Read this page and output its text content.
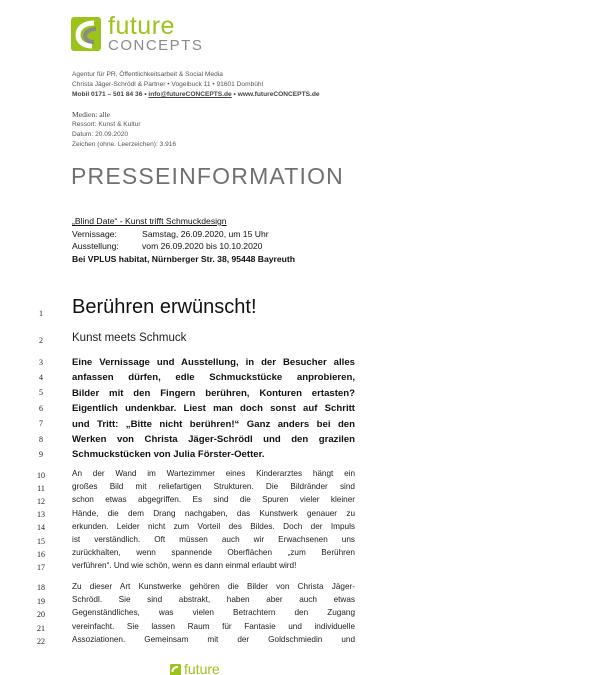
future
CONCEPTS
Agentur für PR, Öffentlichkeitsarbeit & Social Media
Christa Jäger-Schrödl & Partner • Vogelbuck 11 • 91601 Dombühl
Mobil 0171 – 501 84 36 • info@futureCONCEPTS.de • www.futureCONCEPTS.de
Medien: alle
Ressort: Kunst & Kultur
Datum: 20.09.2020
Zeichen (ohne. Leerzeichen): 3.916
PRESSEINFORMATION
„Blind Date“ - Kunst trifft Schmuckdesign
Vernissage:	Samstag, 26.09.2020, um 15 Uhr
Ausstellung:	vom 26.09.2020 bis 10.10.2020
Bei VPLUS habitat, Nürnberger Str. 38, 95448 Bayreuth
1
2
3
4
5
6
7
8
9
10
11
12
13
14
15
16
17
18
19
20
21
22
Berühren erwünscht!
Kunst meets Schmuck
Eine Vernissage und Ausstellung, in der Besucher alles
anfassen dürfen, edle Schmuckstücke anprobieren,
Bilder mit den Fingern berühren, Konturen ertasten?
Eigentlich undenkbar. Liest man doch sonst auf Schritt
und Tritt: „Bitte nicht berühren!“ Ganz anders bei den
Werken von Christa Jäger-Schrödl und den grazilen
Schmuckstücken von Julia Förster-Oetter.
An der Wand im Wartezimmer eines Kinderarztes hängt ein
großes Bild mit reliefartigen Strukturen. Die Bildränder sind
schon etwas abgegriffen. Es sind die Spuren vieler kleiner
Hände, die dem Drang nachgaben, das Kunstwerk genauer zu
erkunden. Leider nicht zum Vorteil des Bildes. Doch der Impuls
ist verständlich. Oft müssen auch wir Erwachsenen uns
zurückhalten, wenn spannende Oberflächen „zum Berühren
verführen“. Und wie schön, wenn es dann einmal erlaubt wird!
Zu dieser Art Kunstwerke gehören die Bilder von Christa Jäger-
Schrödl. Sie sind abstrakt, haben aber auch etwas
Gegenständliches, was vielen Betrachtern den Zugang
vereinfacht. Sie lassen Raum für Fantasie und individuelle
Assoziationen. Gemeinsam mit der Goldschmiedin und
future
